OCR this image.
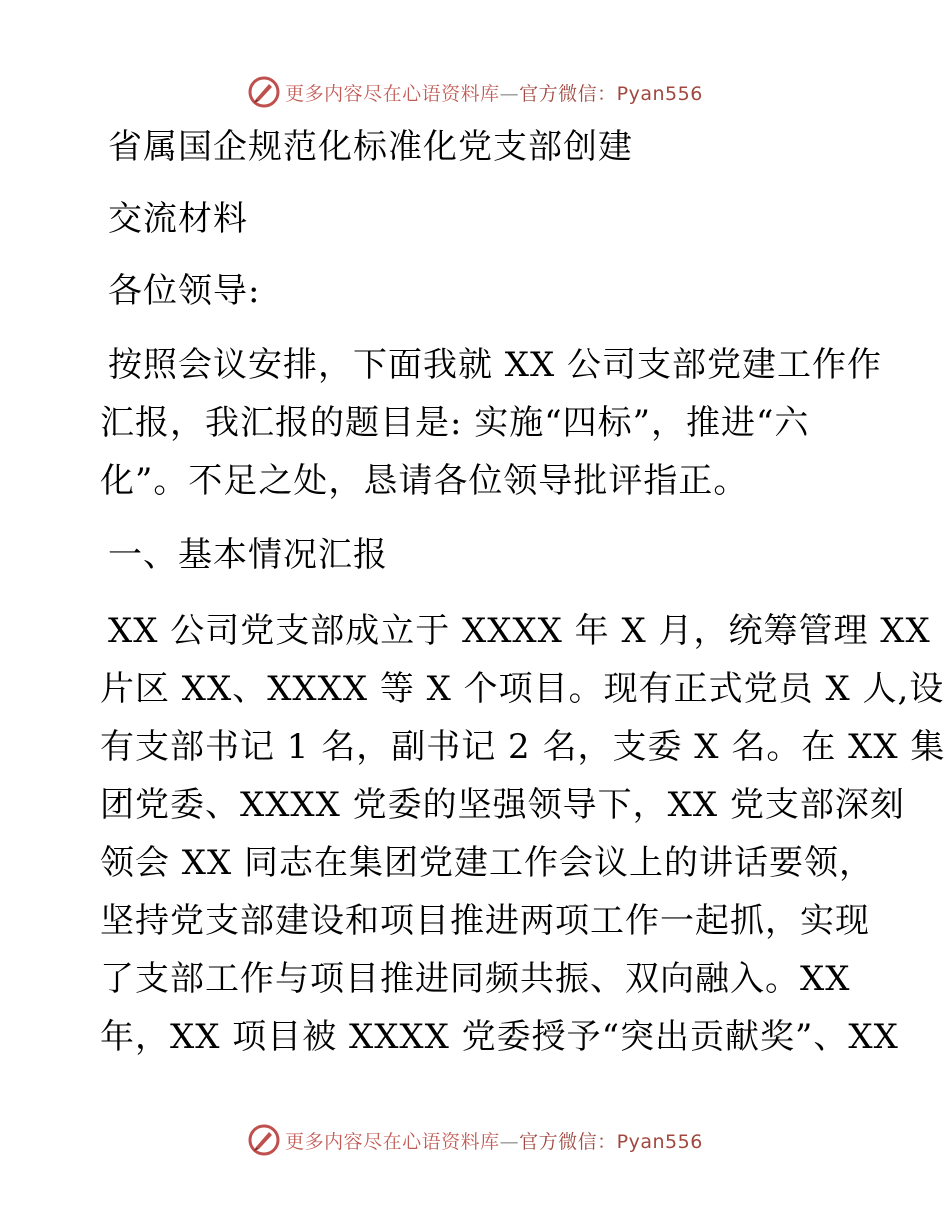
更多内容尽在心语资料库—官方微信：Pyan556
省属国企规范化标准化党支部创建
交流材料
各位领导:
按照会议安排，下面我就 XX 公司支部党建工作作
汇报，我汇报的题目是: 实施“四标”，推进“六
化”。不足之处，恳请各位领导批评指正。
一、基本情况汇报
XX 公司党支部成立于 XXXX 年 X 月，统筹管理 XX
片区 XX、XXXX 等 X 个项目。现有正式党员 X 人,设
有支部书记 1 名，副书记 2 名，支委 X 名。在 XX 集
团党委、XXXX 党委的坚强领导下，XX 党支部深刻
领会 XX 同志在集团党建工作会议上的讲话要领，
坚持党支部建设和项目推进两项工作一起抓，实现
了支部工作与项目推进同频共振、双向融入。XX
年，XX 项目被 XXXX 党委授予“突出贡献奖”、XX
更多内容尽在心语资料库—官方微信：Pyan556
